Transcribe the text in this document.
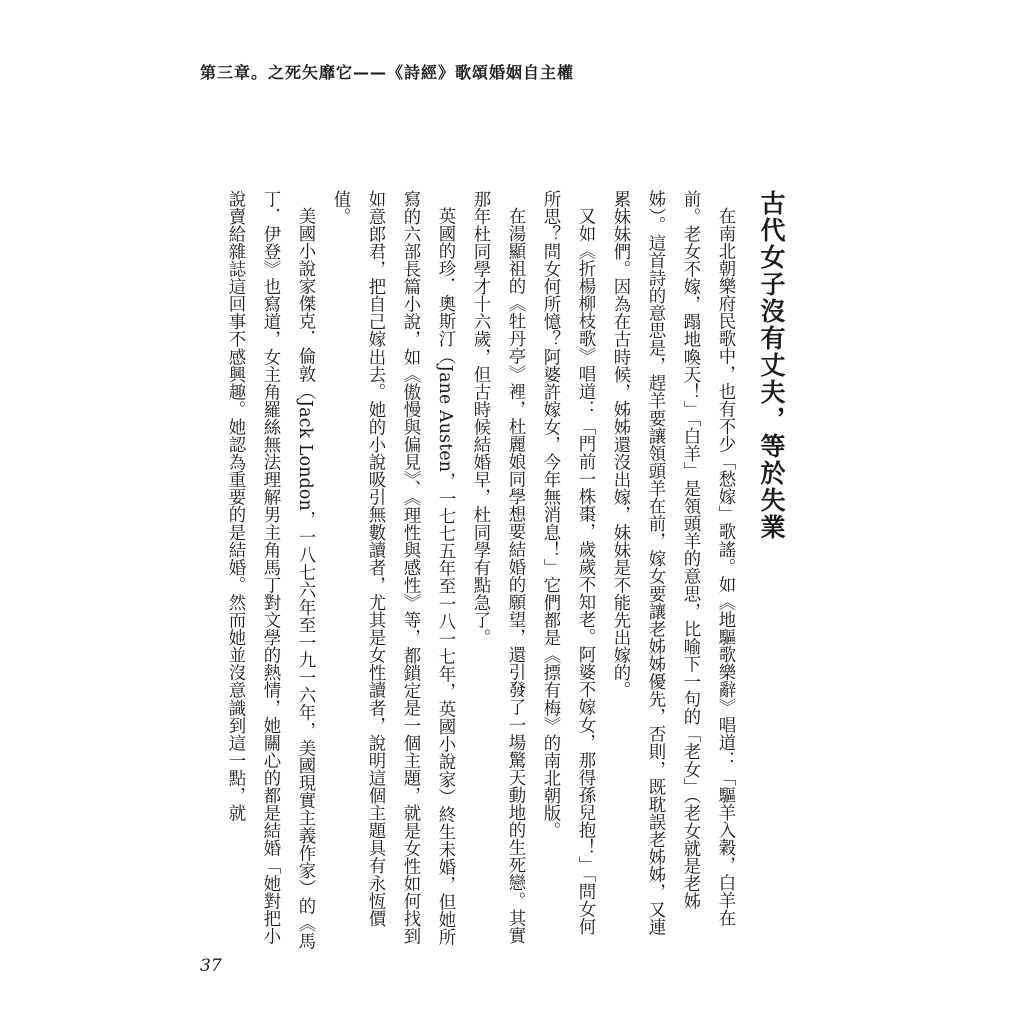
第三章。之死矢靡它——《詩經》歌頌婚姻自主權
古代女子沒有丈夫，等於失業

在南北朝樂府民歌中，也有不少「愁嫁」歌謠。如《地驅歌樂辭》唱道：「驅羊入穀，白羊在前。老女不嫁，蹋地喚天！」「白羊」是領頭羊的意思，比喻下一句的「老女」（老女就是老姊姊）。這首詩的意思是，趕羊要讓領頭羊在前，嫁女要讓老姊姊優先，否則，既耽誤老姊姊，又連累妹妹們。因為在古時候，姊姊還沒出嫁，妹妹是不能先出嫁的。

又如《折楊柳枝歌》唱道：「門前一株棗，歲歲不知老。阿婆不嫁女，那得孫兒抱！」「問女何所思？問女何所憶？阿婆許嫁女，今年無消息！」它們都是《摽有梅》的南北朝版。

在湯顯祖的《牡丹亭》裡，杜麗娘同學想要結婚的願望，還引發了一場驚天動地的生死戀。其實那年杜同學才十六歲，但古時候結婚早，杜同學有點急了。

英國的珍．奧斯汀（Jane Austen，一七七五年至一八一七年，英國小說家）終生未婚，但她所寫的六部長篇小說，如《傲慢與偏見》、《理性與感性》等，都鎖定是一個主題，就是女性如何找到如意郎君，把自己嫁出去。她的小說吸引無數讀者，尤其是女性讀者，說明這個主題具有永恆價值。

美國小說家傑克．倫敦（Jack London，一八七六年至一九一六年，美國現實主義作家）的《馬丁．伊登》也寫道，女主角羅絲無法理解男主角馬丁對文學的熱情，她關心的都是結婚「她對把小說賣給雜誌這回事不感興趣。她認為重要的是結婚。然而她並沒意識到這一點，就

37
